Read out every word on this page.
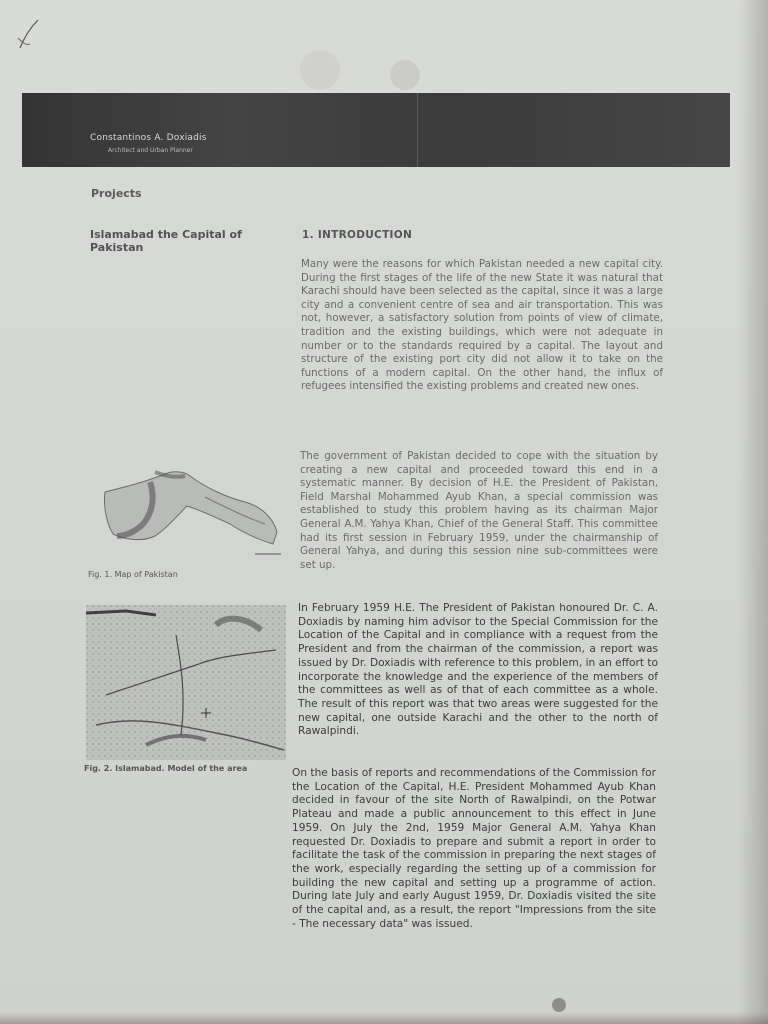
Constantinos A. Doxiadis
Architect and Urban Planner
Projects
Islamabad the Capital of Pakistan
1. INTRODUCTION

Many were the reasons for which Pakistan needed a new capital city. During the first stages of the life of the new State it was natural that Karachi should have been selected as the capital, since it was a large city and a convenient centre of sea and air transportation. This was not, however, a satisfactory solution from points of view of climate, tradition and the existing buildings, which were not adequate in number or to the standards required by a capital. The layout and structure of the existing port city did not allow it to take on the functions of a modern capital. On the other hand, the influx of refugees intensified the existing problems and created new ones.

The government of Pakistan decided to cope with the situation by creating a new capital and proceeded toward this end in a systematic manner. By decision of H.E. the President of Pakistan, Field Marshal Mohammed Ayub Khan, a special commission was established to study this problem having as its chairman Major General A.M. Yahya Khan, Chief of the General Staff. This committee had its first session in February 1959, under the chairmanship of General Yahya, and during this session nine sub-committees were set up.

In February 1959 H.E. The President of Pakistan honoured Dr. C. A. Doxiadis by naming him advisor to the Special Commission for the Location of the Capital and in compliance with a request from the President and from the chairman of the commission, a report was issued by Dr. Doxiadis with reference to this problem, in an effort to incorporate the knowledge and the experience of the members of the committees as well as of that of each committee as a whole. The result of this report was that two areas were suggested for the new capital, one outside Karachi and the other to the north of Rawalpindi.

On the basis of reports and recommendations of the Commission for the Location of the Capital, H.E. President Mohammed Ayub Khan decided in favour of the site North of Rawalpindi, on the Potwar Plateau and made a public announcement to this effect in June 1959. On July the 2nd, 1959 Major General A.M. Yahya Khan requested Dr. Doxiadis to prepare and submit a report in order to facilitate the task of the commission in preparing the next stages of the work, especially regarding the setting up of a commission for building the new capital and setting up a programme of action. During late July and early August 1959, Dr. Doxiadis visited the site of the capital and, as a result, the report "Impressions from the site - The necessary data" was issued.

Fig. 1. Map of Pakistan
Fig. 2. Islamabad. Model of the area
